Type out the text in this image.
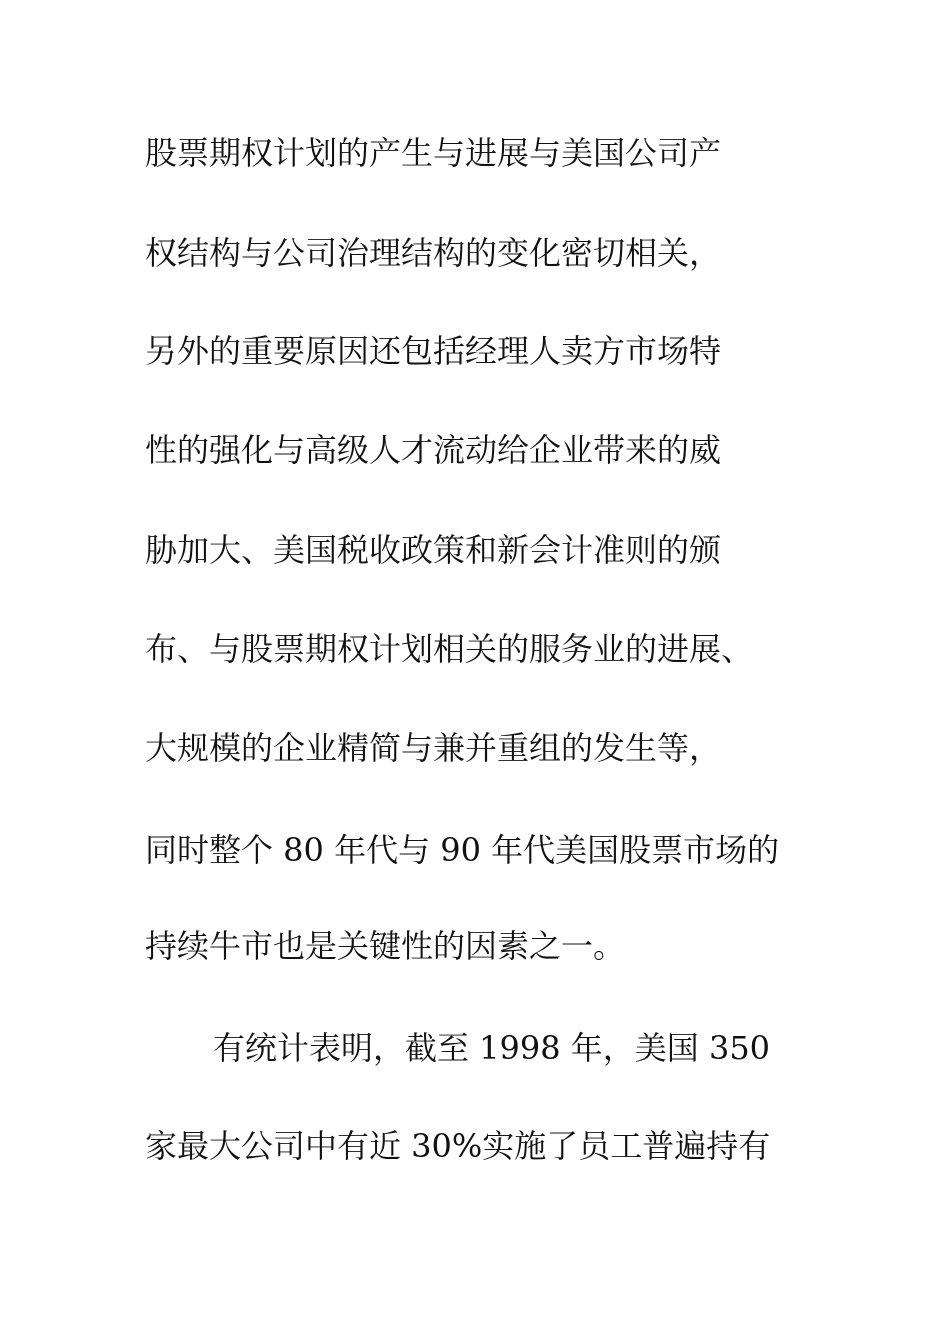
股票期权计划的产生与进展与美国公司产
权结构与公司治理结构的变化密切相关，
另外的重要原因还包括经理人卖方市场特
性的强化与高级人才流动给企业带来的威
胁加大、美国税收政策和新会计准则的颁
布、与股票期权计划相关的服务业的进展、
大规模的企业精简与兼并重组的发生等，
同时整个 80 年代与 90 年代美国股票市场的
持续牛市也是关键性的因素之一。
有统计表明，截至 1998 年，美国 350
家最大公司中有近 30%实施了员工普遍持有
